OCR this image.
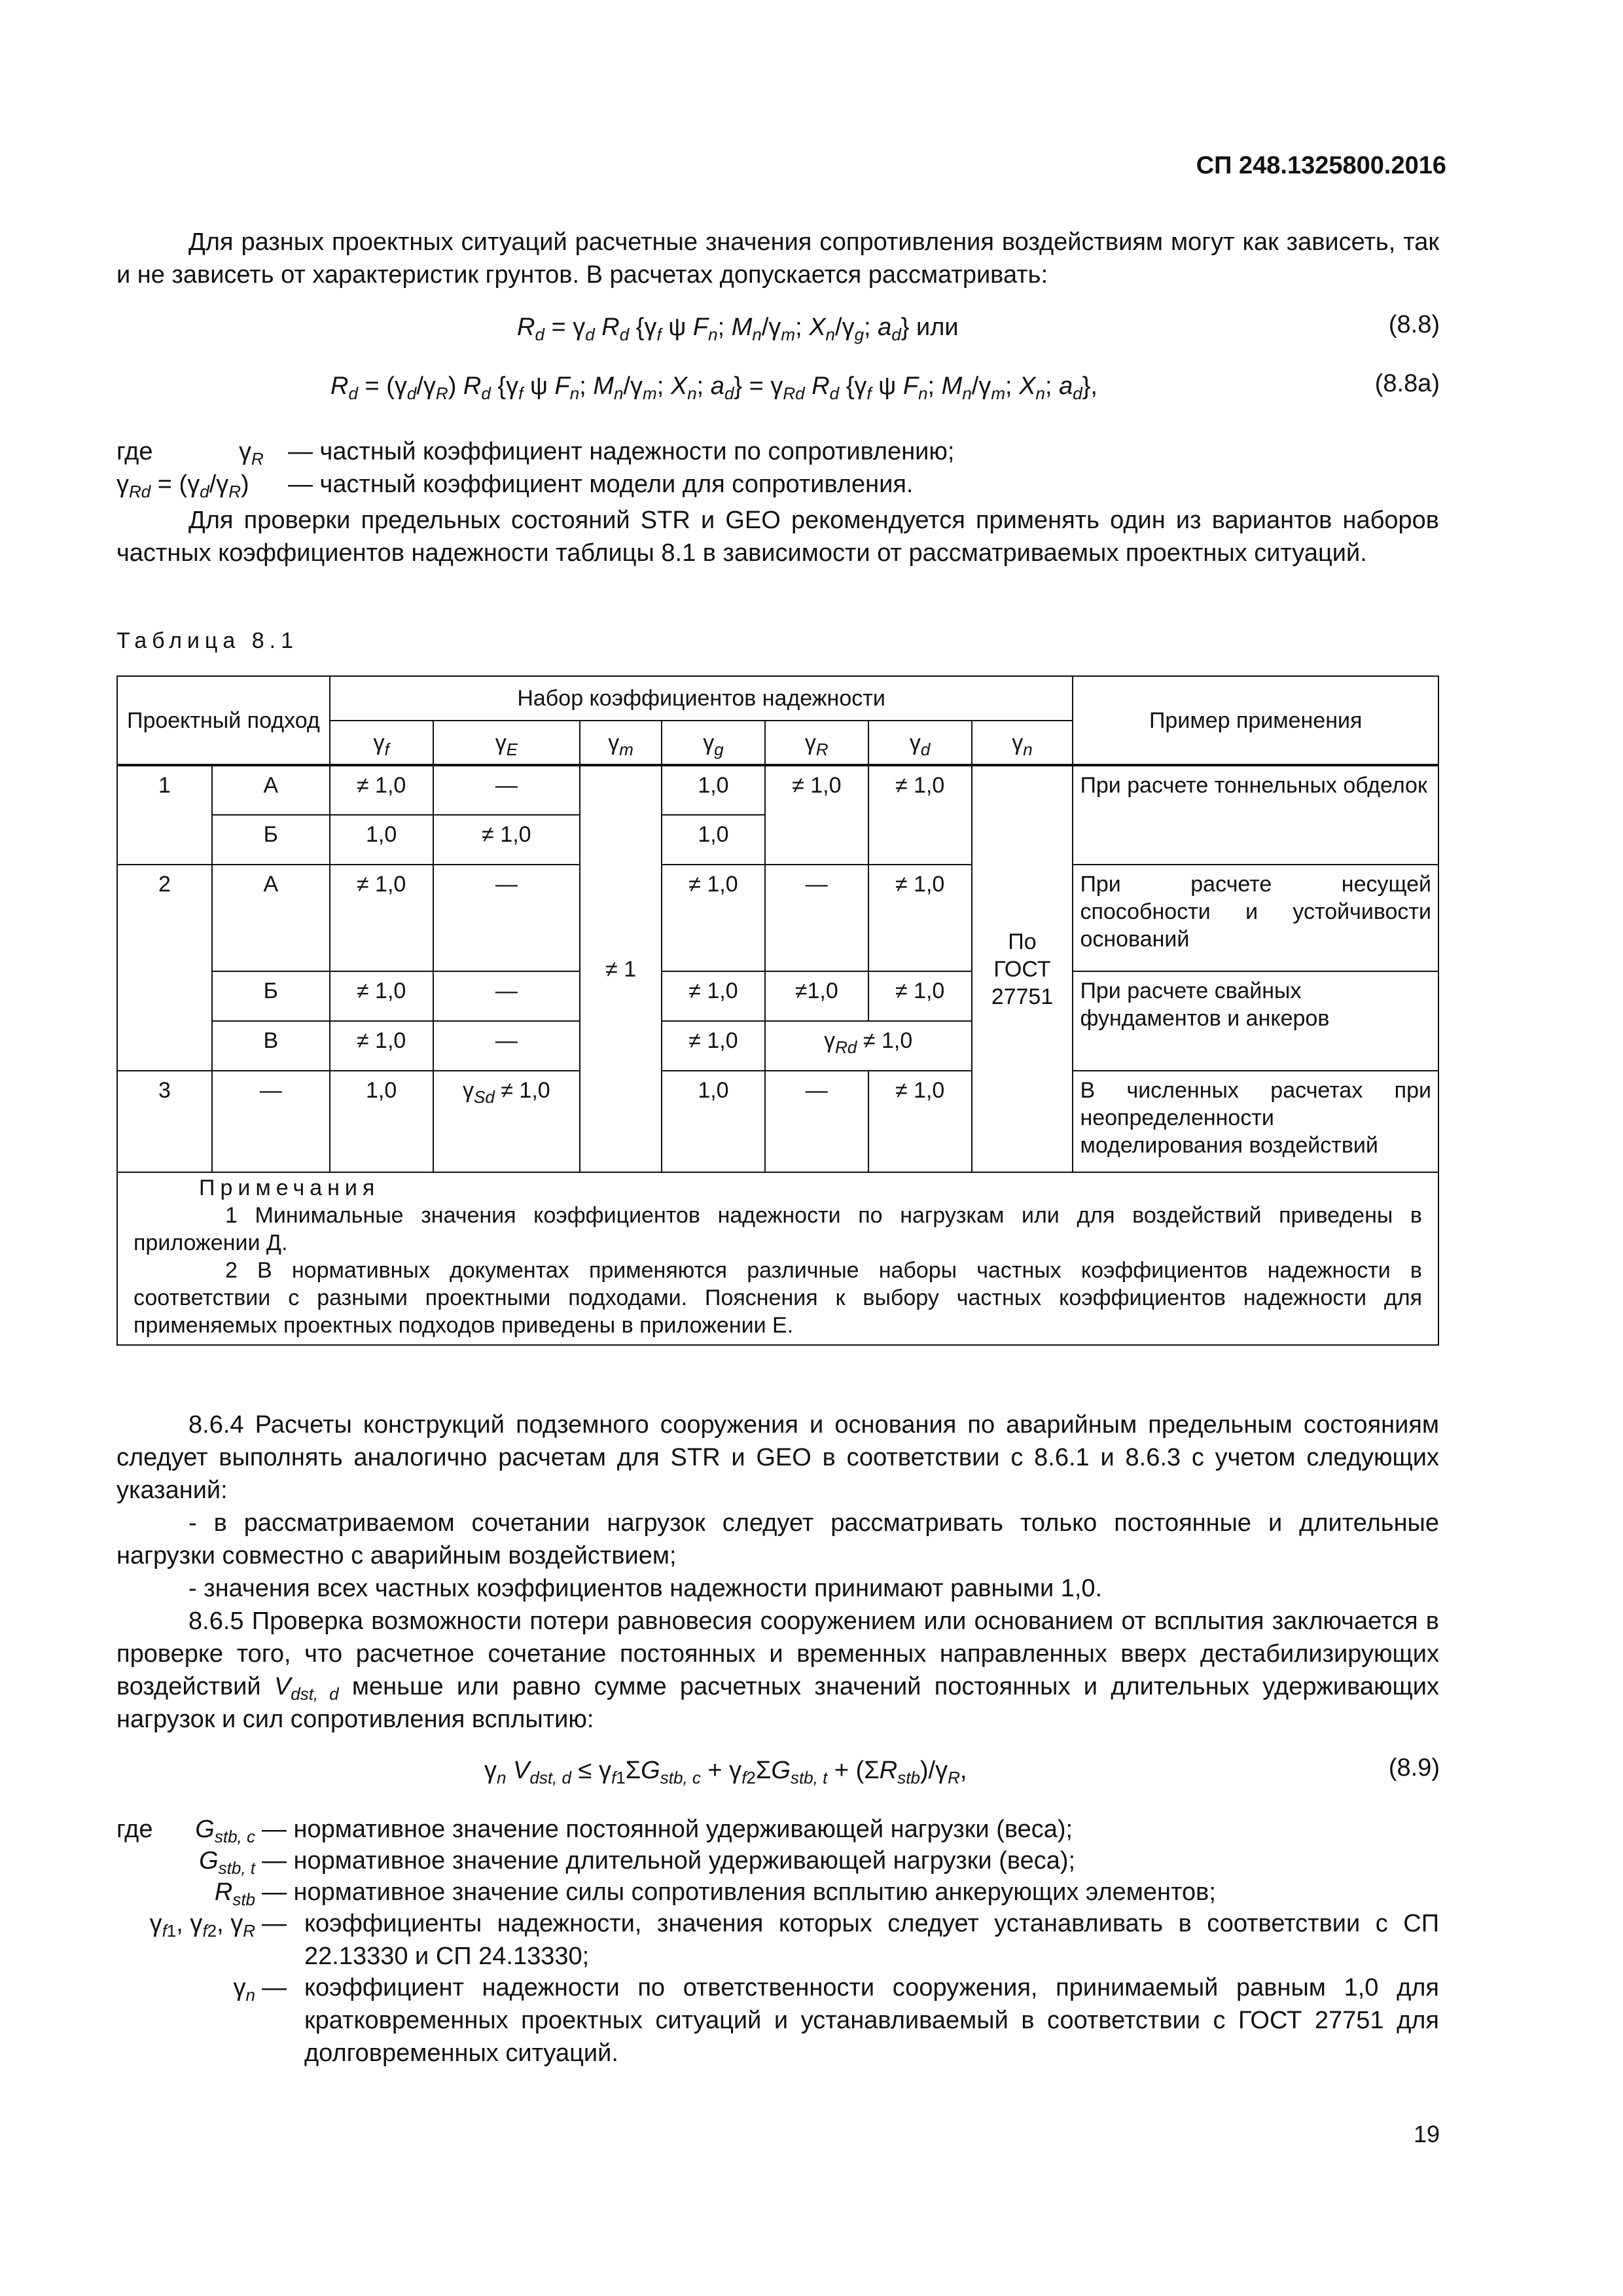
СП 248.1325800.2016
Для разных проектных ситуаций расчетные значения сопротивления воздействиям могут как зависеть, так и не зависеть от характеристик грунтов. В расчетах допускается рассматривать:
$R_d = \gamma_d$ $R_d$ {$\gamma_f$ ψ $F_n$; $M_n/\gamma_m$; $X_n/\gamma_g$; $a_d$} или	(8.8)
$R_d = (\gamma_d/\gamma_R)$ $R_d$ {$\gamma_f$ ψ $F_n$; $M_n/\gamma_m$; $X_n$; $a_d\} = \gamma_{Rd}$ $R_d$ {$\gamma_f$ ψ $F_n$; $M_n/\gamma_m$; $X_n$; $a_d$},	(8.8а)
где	$\gamma_R$ — частный коэффициент надежности по сопротивлению;
$\gamma_{Rd} = (\gamma_d/\gamma_R)$ — частный коэффициент модели для сопротивления.
Для проверки предельных состояний STR и GEO рекомендуется применять один из вариантов наборов частных коэффициентов надежности таблицы 8.1 в зависимости от рассматриваемых проектных ситуаций.
Таблица 8.1
Проектный подход		Набор коэффициентов надежности							Пример применения
		$\gamma_f$	$\gamma_E$	$\gamma_m$	$\gamma_g$	$\gamma_R$	$\gamma_d$	$\gamma_n$
1	А	≠ 1,0	—	≠ 1	1,0	≠ 1,0	≠ 1,0	По ГОСТ 27751	При расчете тоннельных обделок
	Б	1,0	≠ 1,0		1,0				
2	А	≠ 1,0	—		≠ 1,0	—	≠ 1,0		При расчете несущей способности и устойчивости оснований
	Б	≠ 1,0	—		≠ 1,0	≠1,0	≠ 1,0		При расчете свайных фундаментов и анкеров
	В	≠ 1,0	—		≠ 1,0	$\gamma_{Rd} \ne 1,0$			
3	—	1,0	$\gamma_{Sd} \ne 1,0$		1,0	—	≠ 1,0		В численных расчетах при неопределенности моделирования воздействий

Примечания
1 Минимальные значения коэффициентов надежности по нагрузкам или для воздействий приведены в приложении Д.
2 В нормативных документах применяются различные наборы частных коэффициентов надежности в соответствии с разными проектными подходами. Пояснения к выбору частных коэффициентов надежности для применяемых проектных подходов приведены в приложении Е.									
8.6.4 Расчеты конструкций подземного сооружения и основания по аварийным предельным состояниям следует выполнять аналогично расчетам для STR и GEO в соответствии с 8.6.1 и 8.6.3 с учетом следующих указаний:
- в рассматриваемом сочетании нагрузок следует рассматривать только постоянные и длительные нагрузки совместно с аварийным воздействием;
- значения всех частных коэффициентов надежности принимают равными 1,0.
8.6.5 Проверка возможности потери равновесия сооружением или основанием от всплытия заключается в проверке того, что расчетное сочетание постоянных и временных направленных вверх дестабилизирующих воздействий $V_{dst, d}$ меньше или равно сумме расчетных значений постоянных и длительных удерживающих нагрузок и сил сопротивления всплытию:
$\gamma_n$ $V_{dst, d} \le \gamma_{f1}\Sigma G_{stb, c} + \gamma_{f2}\Sigma G_{stb, t} + (\Sigma R_{stb})/\gamma_R$,	(8.9)
где	$G_{stb, c}$ — нормативное значение постоянной удерживающей нагрузки (веса);
$G_{stb, t}$ — нормативное значение длительной удерживающей нагрузки (веса);
$R_{stb}$ — нормативное значение силы сопротивления всплытию анкерующих элементов;
$\gamma_{f1}$, $\gamma_{f2}$, $\gamma_R$ — коэффициенты надежности, значения которых следует устанавливать в соответствии с СП 22.13330 и СП 24.13330;
$\gamma_n$ — коэффициент надежности по ответственности сооружения, принимаемый равным 1,0 для кратковременных проектных ситуаций и устанавливаемый в соответствии с ГОСТ 27751 для долговременных ситуаций.
19
